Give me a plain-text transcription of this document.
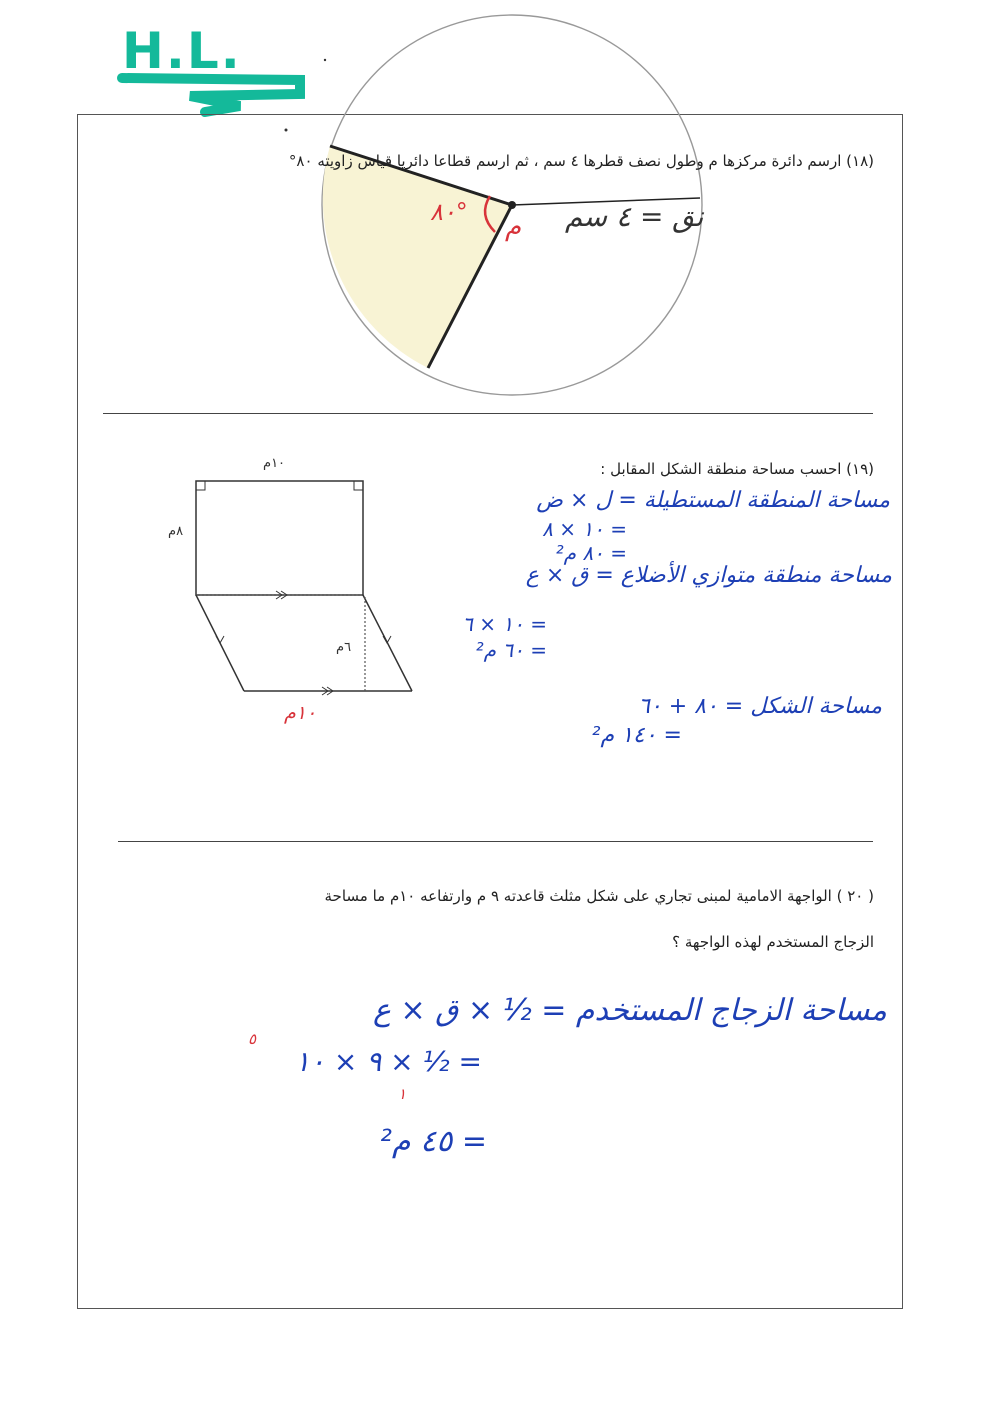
H.L.
(١٨) ارسم دائرة مركزها م وطول نصف قطرها ٤ سم ، ثم ارسم قطاعا دائريا قياس زاويته ٨٠°
°٨٠ م نق = ٤ سم
(١٩) احسب مساحة منطقة الشكل المقابل :
١٠م
٨م
٦م
١٠م
مساحة المنطقة المستطيلة = ل × ض
= ١٠ × ٨
= ٨٠ م²
مساحة منطقة متوازي الأضلاع = ق × ع
= ١٠ × ٦
= ٦٠ م²
مساحة الشكل = ٨٠ + ٦٠
= ١٤٠ م²
( ٢٠ ) الواجهة الامامية لمبنى تجاري على شكل مثلث قاعدته ٩ م وارتفاعه ١٠م ما مساحة
الزجاج المستخدم لهذه الواجهة ؟
مساحة الزجاج المستخدم = ½ × ق × ع
= ½ × ٩ × ١٠
= ٤٥ م²
٥
١
